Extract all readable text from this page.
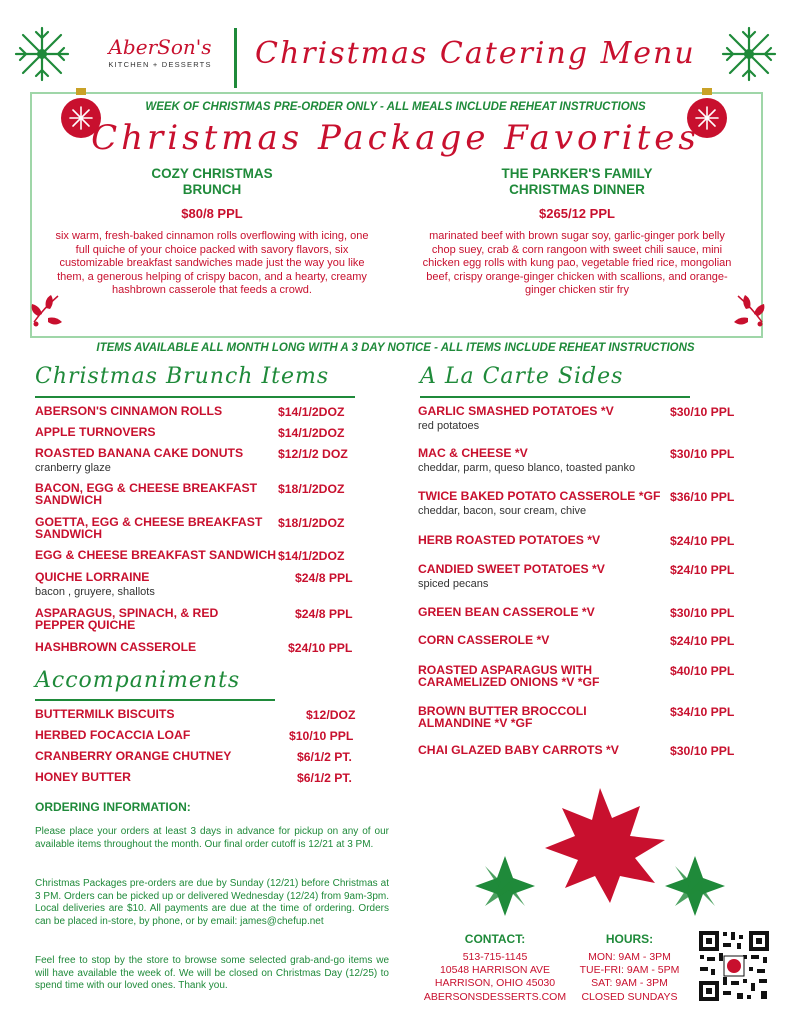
AberSon's
KITCHEN + DESSERTS Christmas Catering Menu
WEEK OF CHRISTMAS PRE-ORDER ONLY - ALL MEALS INCLUDE REHEAT INSTRUCTIONS
Christmas Package Favorites
COZY CHRISTMAS
BRUNCH
$80/8 PPL
six warm, fresh-baked cinnamon rolls overflowing with icing, one full quiche of your choice packed with savory flavors, six customizable breakfast sandwiches made just the way you like them, a generous helping of crispy bacon, and a hearty, creamy hashbrown casserole that feeds a crowd.
THE PARKER'S FAMILY
CHRISTMAS DINNER
$265/12 PPL
marinated beef with brown sugar soy, garlic-ginger pork belly chop suey, crab & corn rangoon with sweet chili sauce, mini chicken egg rolls with kung pao, vegetable fried rice, mongolian beef, crispy orange-ginger chicken with scallions, and orange-ginger chicken stir fry
ITEMS AVAILABLE ALL MONTH LONG WITH A 3 DAY NOTICE - ALL ITEMS INCLUDE REHEAT INSTRUCTIONS
Christmas Brunch Items
ABERSON'S CINNAMON ROLLS	$14/1/2DOZ
APPLE TURNOVERS	$14/1/2DOZ
ROASTED BANANA CAKE DONUTS	$12/1/2 DOZ
cranberry glaze
BACON, EGG & CHEESE BREAKFAST SANDWICH
$18/1/2DOZ
GOETTA, EGG & CHEESE BREAKFAST SANDWICH
$18/1/2DOZ
EGG & CHEESE BREAKFAST SANDWICH $14/1/2DOZ
QUICHE LORRAINE	$24/8 PPL
bacon , gruyere, shallots
ASPARAGUS, SPINACH, & RED PEPPER QUICHE
$24/8 PPL
HASHBROWN CASSEROLE	$24/10 PPL
Accompaniments
BUTTERMILK BISCUITS	$12/DOZ
HERBED FOCACCIA LOAF	$10/10 PPL
CRANBERRY ORANGE CHUTNEY	$6/1/2 PT.
HONEY BUTTER	$6/1/2 PT.
A La Carte Sides
GARLIC SMASHED POTATOES *V	$30/10 PPL
red potatoes
MAC & CHEESE *V	$30/10 PPL
cheddar, parm, queso blanco, toasted panko
TWICE BAKED POTATO CASSEROLE *GF $36/10 PPL
cheddar, bacon, sour cream, chive
HERB ROASTED POTATOES *V	$24/10 PPL
CANDIED SWEET POTATOES *V	$24/10 PPL
spiced pecans
GREEN BEAN CASSEROLE *V	$30/10 PPL
CORN CASSEROLE *V	$24/10 PPL
ROASTED ASPARAGUS WITH CARAMELIZED ONIONS *V *GF
$40/10 PPL
BROWN BUTTER BROCCOLI ALMANDINE *V *GF
$34/10 PPL
CHAI GLAZED BABY CARROTS *V	$30/10 PPL
ORDERING INFORMATION:
Please place your orders at least 3 days in advance for pickup on any of our available items throughout the month. Our final order cutoff is 12/21 at 3 PM.
Christmas Packages pre-orders are due by Sunday (12/21) before Christmas at 3 PM. Orders can be picked up or delivered Wednesday (12/24) from 9am-3pm. Local deliveries are $10. All payments are due at the time of ordering. Orders can be placed in-store, by phone, or by email: james@chefup.net
Feel free to stop by the store to browse some selected grab-and-go items we will have available the week of. We will be closed on Christmas Day (12/25) to spend time with our loved ones. Thank you.
CONTACT:
513-715-1145
10548 HARRISON AVE
HARRISON, OHIO 45030
ABERSONSDESSERTS.COM
HOURS:
MON: 9AM - 3PM
TUE-FRI: 9AM - 5PM
SAT: 9AM - 3PM
CLOSED SUNDAYS
